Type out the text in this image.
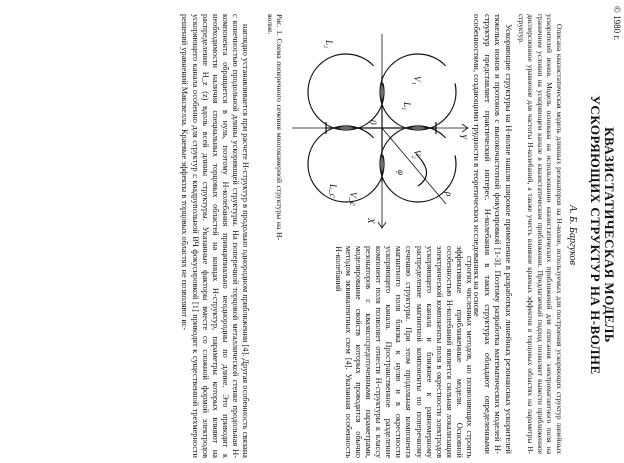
© 1980 г.
КВАЗИСТАТИЧЕСКАЯ МОДЕЛЬ
УСКОРЯЮЩИХ СТРУКТУР НА H-ВОЛНЕ
А. Б. Баргуков

Описана квазистатическая модель длинных резонаторов на H-волне, используемых для построения ускоряющих структур линейных ускорителей ионов. Модель основана на использовании квазистатических приближений для описания электромагнитного поля на граничном условии на ускоряющем канале в квазистатическом приближении. Предлагаемый подход позволяет вывести приближенное дисперсионное уравнение для частоты H-колебаний, а также учесть влияние краевых эффектов в торцовых областях на параметры H-структур.

Ускоряющие структуры на H-волне нашли широкое применение в разработках линейных резонансных ускорителей тяжелых ионов и протонов с высокочастотной фокусировкой [1-3]. Поэтому разработка математических моделей H-структур представляет практический интерес. H-колебания в таких структурах обладают определенными особенностями, создающими трудности в теоретических исследованиях на основе

X
Y
ρ
φ
0
V₁
L₁
V₂
L₂
V_c
L_c
Рис. 1. Схема поперечного сечения многокамерной структуры на H-волне.

строгих численных методов, но позволяющих строить эффективные приближенные модели. Основной особенностью H-колебаний является сильная локализация электрической компоненты поля в окрестности электродов ускоряющего канала и ближнее к равномерному распределение магнитной компоненты по поперечному сечению структуры. При этом продольная компонента магнитного поля близка к нулю и в окрестности ускоряющего канала. Пространственное разделение компонент поля позволяет отнести H-структуры к классу резонаторов с квазисосредоточенными параметрами, моделирование свойств которых проводится обычно методом эквивалентных схем [4]. Указанная особенность H-колебаний

наглядно устанавливается при расчете H-структур в продольно однородном приближении [4]. Другая особенность связана с конечностью продольной длины ускоряющей структуры. На поперечной торцовой металлической стенке продольная H-компонента обращается в нуль, поэтому H-колебания принципиально неоднородны по длине. Это приводит к необходимости наличия специальных торцовых областей на концах H-структур, параметры которых влияют на распределение H_z (z) вдоль всей длины структуры. Указанные факторы вместе со сложной формой электродов ускоряющего канала особенно для структур с квадрупольной ВЧ фокусировкой [1] приводят к существенной трехмерности решений уравнений Максвелла. Краевые эффекты в торцовых областях не позволяют ис-
